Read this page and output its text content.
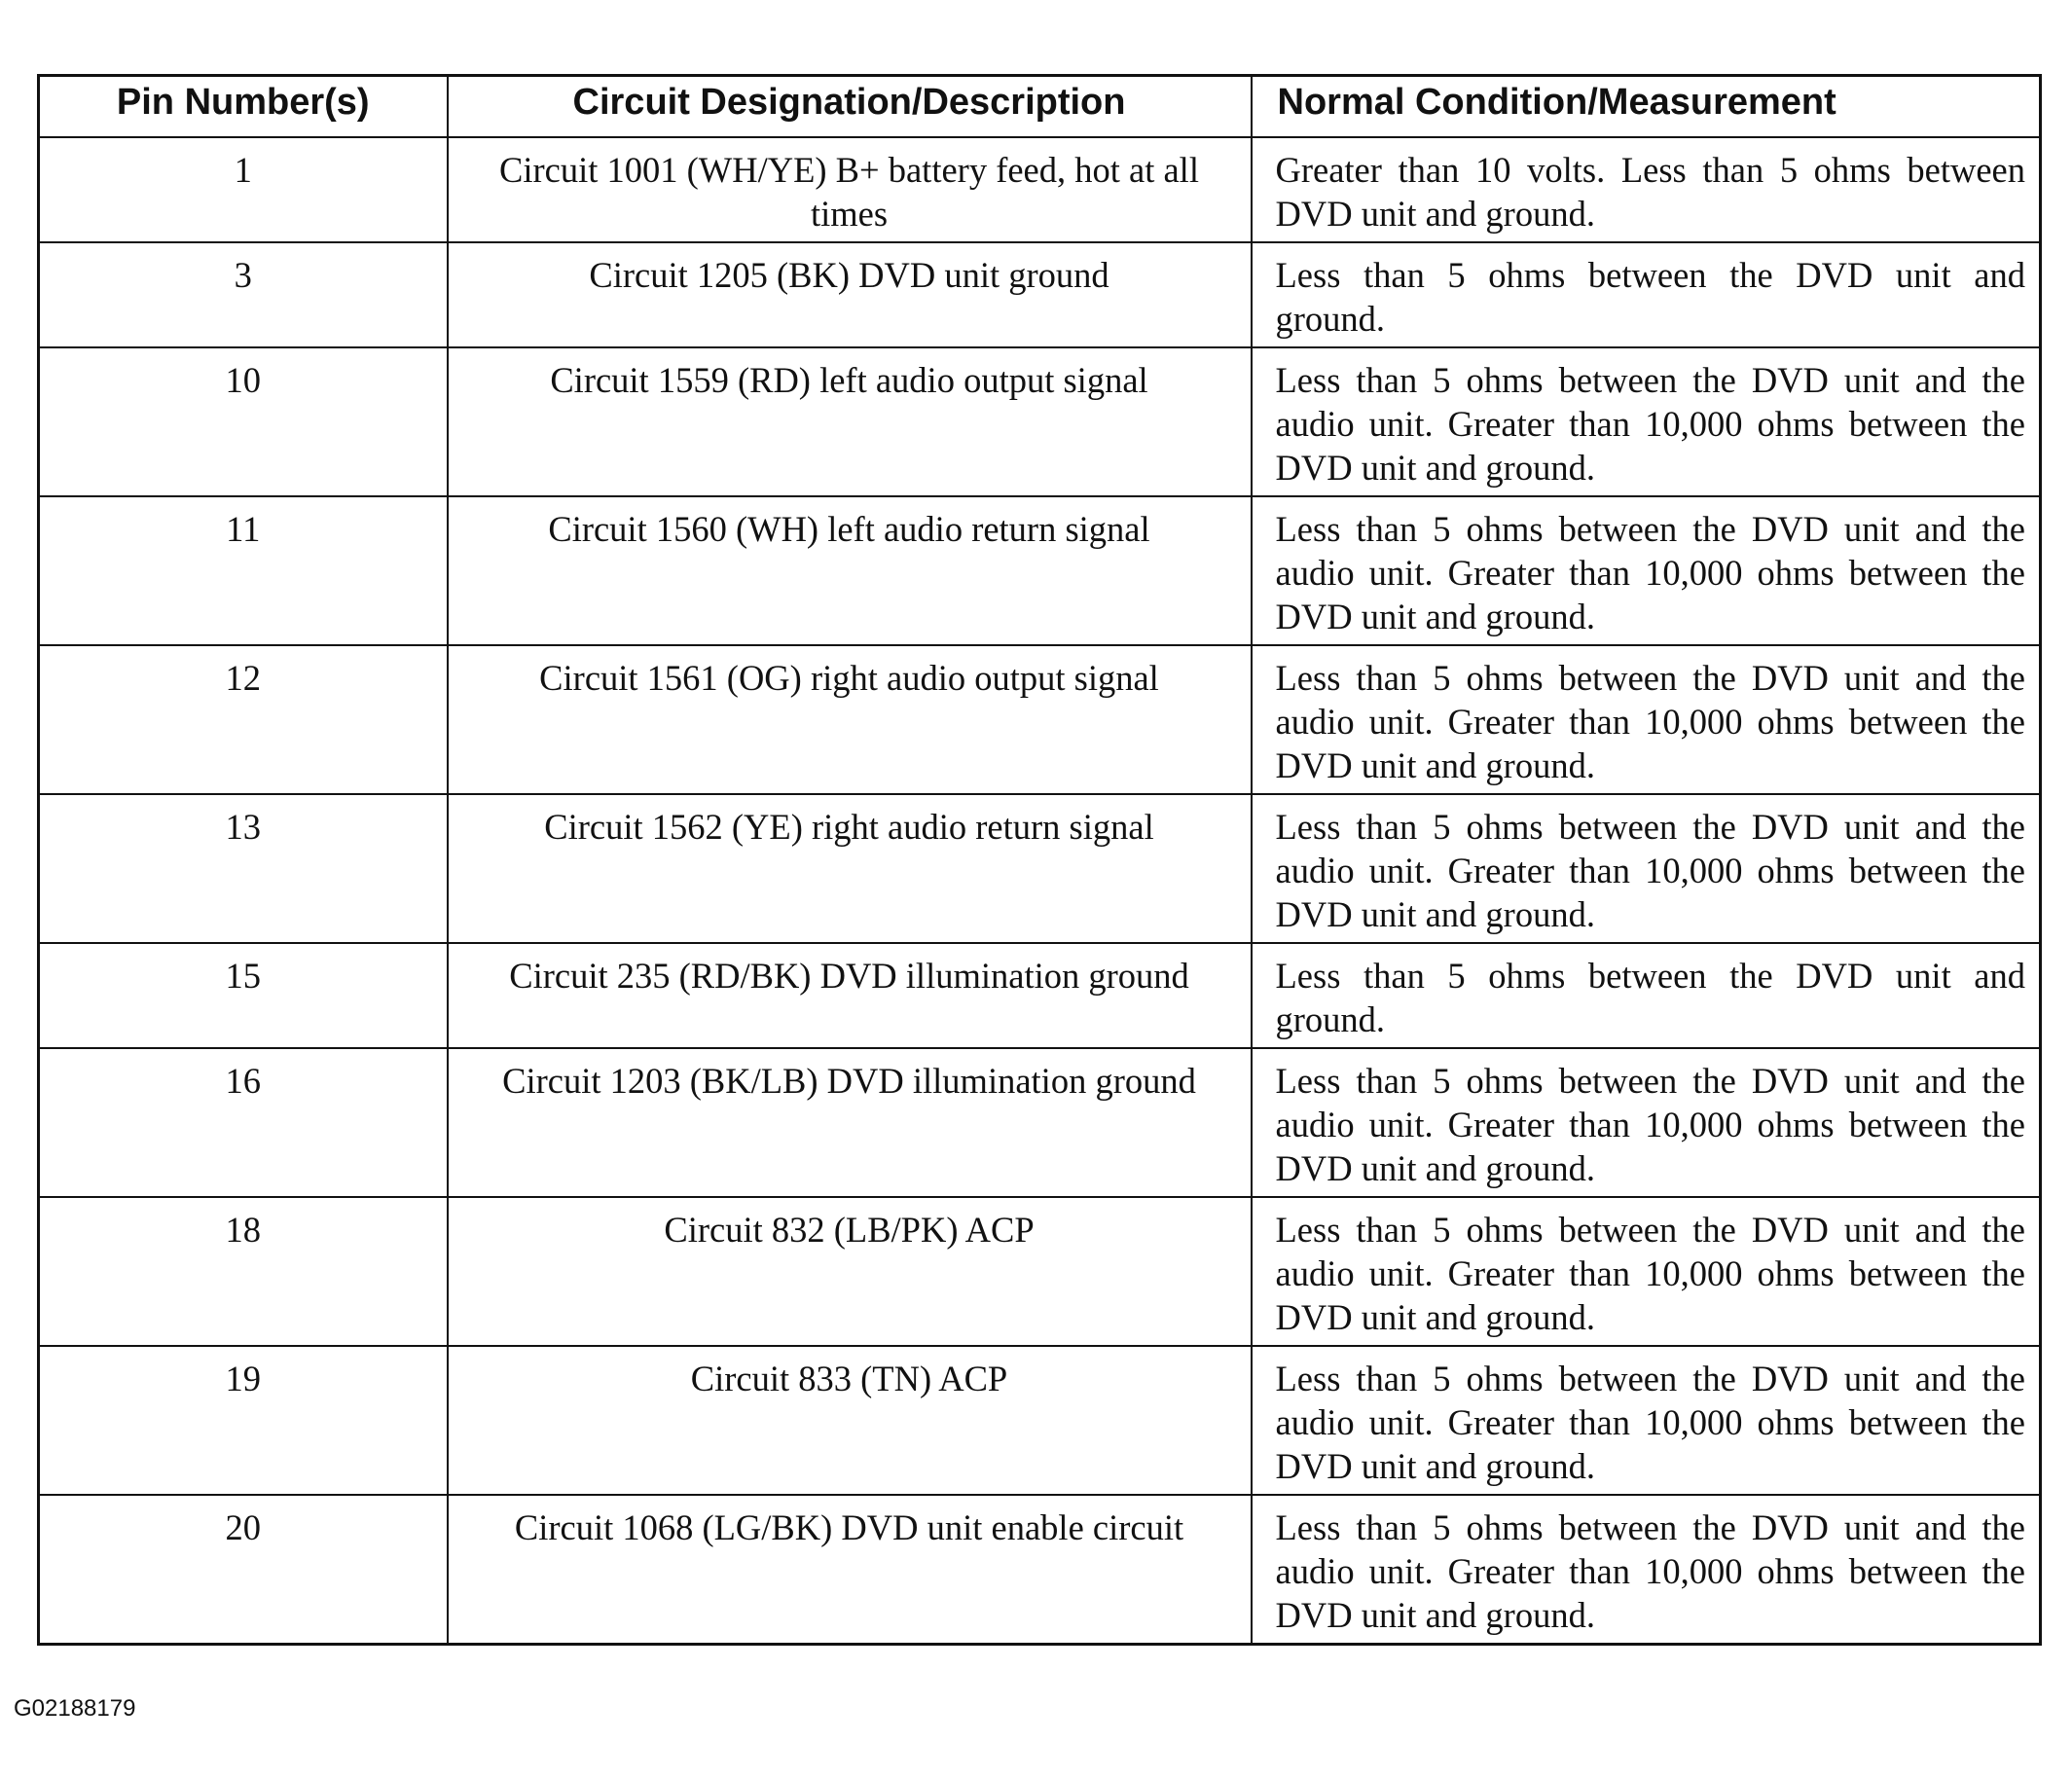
Pin Number(s)	Circuit Designation/Description	Normal Condition/Measurement
1	Circuit 1001 (WH/YE) B+ battery feed, hot at all times	Greater than 10 volts. Less than 5 ohms between DVD unit and ground.
3	Circuit 1205 (BK) DVD unit ground	Less than 5 ohms between the DVD unit and ground.
10	Circuit 1559 (RD) left audio output signal	Less than 5 ohms between the DVD unit and the audio unit. Greater than 10,000 ohms between the DVD unit and ground.
11	Circuit 1560 (WH) left audio return signal	Less than 5 ohms between the DVD unit and the audio unit. Greater than 10,000 ohms between the DVD unit and ground.
12	Circuit 1561 (OG) right audio output signal	Less than 5 ohms between the DVD unit and the audio unit. Greater than 10,000 ohms between the DVD unit and ground.
13	Circuit 1562 (YE) right audio return signal	Less than 5 ohms between the DVD unit and the audio unit. Greater than 10,000 ohms between the DVD unit and ground.
15	Circuit 235 (RD/BK) DVD illumination ground	Less than 5 ohms between the DVD unit and ground.
16	Circuit 1203 (BK/LB) DVD illumination ground	Less than 5 ohms between the DVD unit and the audio unit. Greater than 10,000 ohms between the DVD unit and ground.
18	Circuit 832 (LB/PK) ACP	Less than 5 ohms between the DVD unit and the audio unit. Greater than 10,000 ohms between the DVD unit and ground.
19	Circuit 833 (TN) ACP	Less than 5 ohms between the DVD unit and the audio unit. Greater than 10,000 ohms between the DVD unit and ground.
20	Circuit 1068 (LG/BK) DVD unit enable circuit	Less than 5 ohms between the DVD unit and the audio unit. Greater than 10,000 ohms between the DVD unit and ground.
G02188179
